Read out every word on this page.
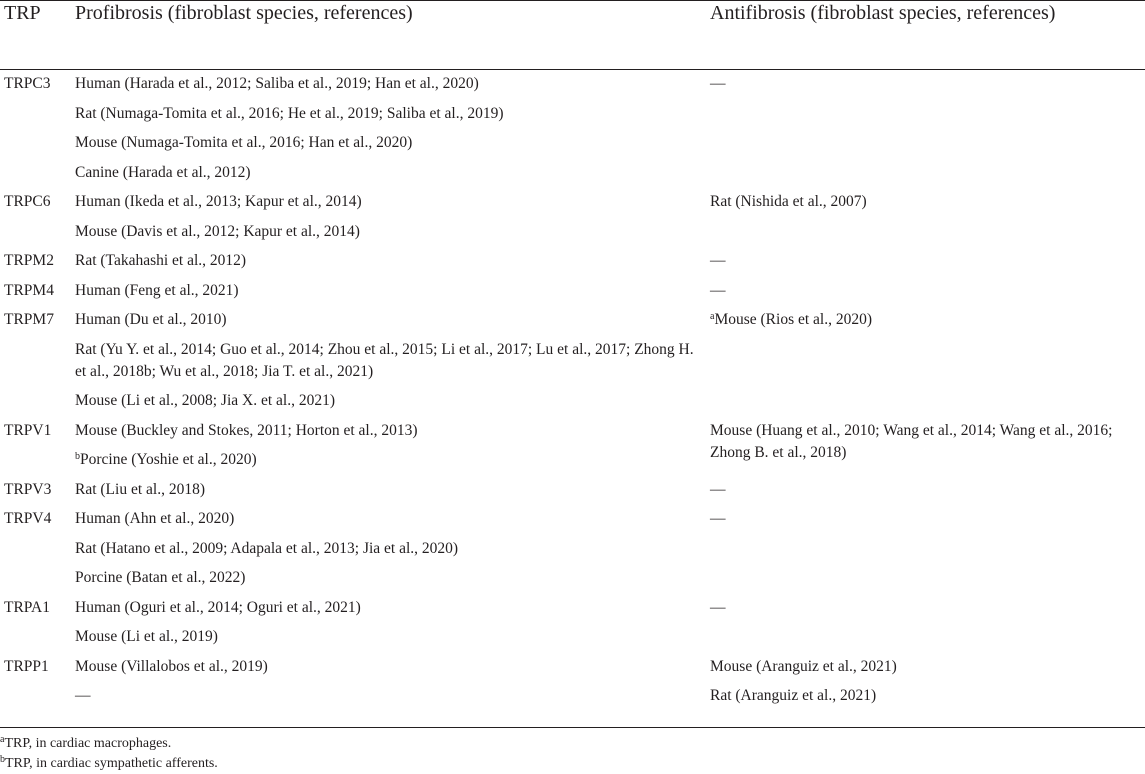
TRP Profibrosis (fibroblast species, references)	Antifibrosis (fibroblast species, references)
TRPC3 Human (Harada et al., 2012; Saliba et al., 2019; Han et al., 2020)	—
Rat (Numaga-Tomita et al., 2016; He et al., 2019; Saliba et al., 2019)
Mouse (Numaga-Tomita et al., 2016; Han et al., 2020)
Canine (Harada et al., 2012)
TRPC6 Human (Ikeda et al., 2013; Kapur et al., 2014)	Rat (Nishida et al., 2007)
Mouse (Davis et al., 2012; Kapur et al., 2014)
TRPM2 Rat (Takahashi et al., 2012)	—
TRPM4 Human (Feng et al., 2021)	—
TRPM7 Human (Du et al., 2010)	$^a$Mouse (Rios et al., 2020)
Rat (Yu Y. et al., 2014; Guo et al., 2014; Zhou et al., 2015; Li et al., 2017; Lu et al., 2017; Zhong H. et al., 2018b; Wu et al., 2018; Jia T. et al., 2021)
Mouse (Li et al., 2008; Jia X. et al., 2021)
TRPV1 Mouse (Buckley and Stokes, 2011; Horton et al., 2013)	Mouse (Huang et al., 2010; Wang et al., 2014; Wang et al., 2016; Zhong B. et al., 2018)
$^b$Porcine (Yoshie et al., 2020)
TRPV3 Rat (Liu et al., 2018)	—
TRPV4 Human (Ahn et al., 2020)	—
Rat (Hatano et al., 2009; Adapala et al., 2013; Jia et al., 2020)
Porcine (Batan et al., 2022)
TRPA1 Human (Oguri et al., 2014; Oguri et al., 2021)	—
Mouse (Li et al., 2019)
TRPP1 Mouse (Villalobos et al., 2019)	Mouse (Aranguiz et al., 2021)
—	Rat (Aranguiz et al., 2021)
$^a$TRP, in cardiac macrophages.
$^b$TRP, in cardiac sympathetic afferents.
